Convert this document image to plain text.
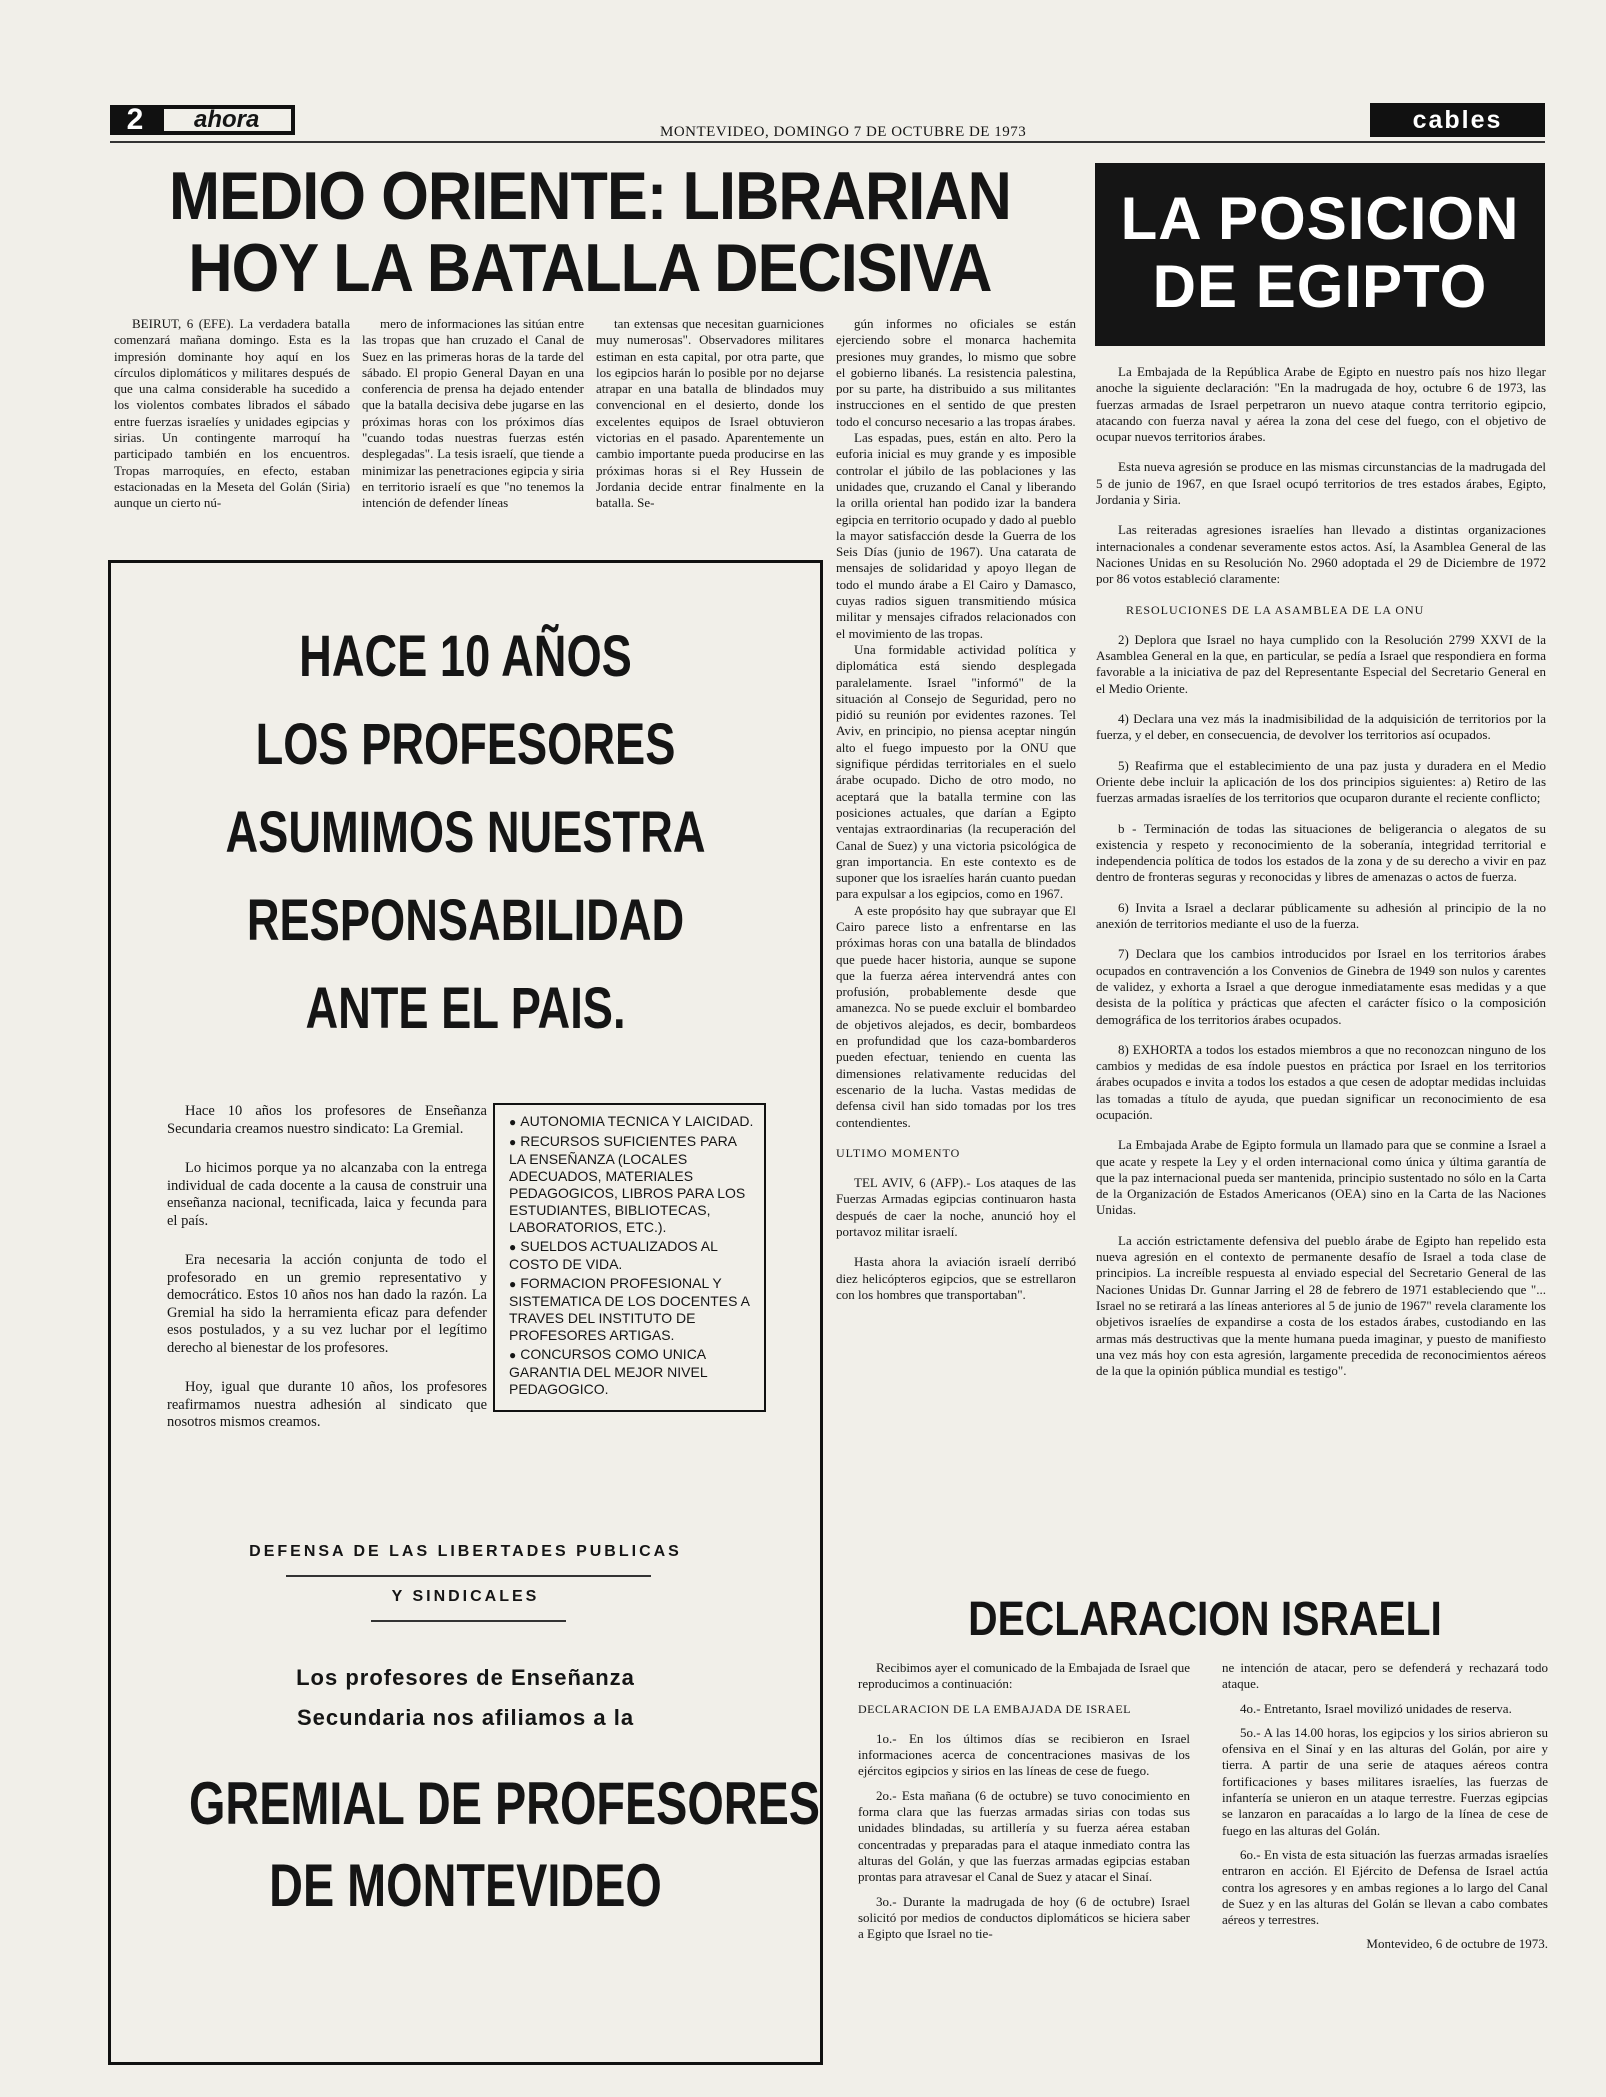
2	ahora	MONTEVIDEO, DOMINGO 7 DE OCTUBRE DE 1973	cables
MEDIO ORIENTE: LIBRARIAN
HOY LA BATALLA DECISIVA

BEIRUT, 6 (EFE). La verdadera batalla comenzará mañana domingo. Esta es la impresión dominante hoy aquí en los círculos diplomáticos y militares después de que una calma considerable ha sucedido a los violentos combates librados el sábado entre fuerzas israelíes y unidades egipcias y sirias. Un contingente marroquí ha participado también en los encuentros. Tropas marroquíes, en efecto, estaban estacionadas en la Meseta del Golán (Siria) aunque un cierto nú-

mero de informaciones las sitúan entre las tropas que han cruzado el Canal de Suez en las primeras horas de la tarde del sábado. El propio General Dayan en una conferencia de prensa ha dejado entender que la batalla decisiva debe jugarse en las próximas horas con los próximos días "cuando todas nuestras fuerzas estén desplegadas". La tesis israelí, que tiende a minimizar las penetraciones egipcia y siria en territorio israelí es que "no tenemos la intención de defender líneas

tan extensas que necesitan guarniciones muy numerosas". Observadores militares estiman en esta capital, por otra parte, que los egipcios harán lo posible por no dejarse atrapar en una batalla de blindados muy convencional en el desierto, donde los excelentes equipos de Israel obtuvieron victorias en el pasado. Aparentemente un cambio importante pueda producirse en las próximas horas si el Rey Hussein de Jordania decide entrar finalmente en la batalla. Se-

gún informes no oficiales se están ejerciendo sobre el monarca hachemita presiones muy grandes, lo mismo que sobre el gobierno libanés. La resistencia palestina, por su parte, ha distribuido a sus militantes instrucciones en el sentido de que presten todo el concurso necesario a las tropas árabes.

Las espadas, pues, están en alto. Pero la euforia inicial es muy grande y es imposible controlar el júbilo de las poblaciones y las unidades que, cruzando el Canal y liberando la orilla oriental han podido izar la bandera egipcia en territorio ocupado y dado al pueblo la mayor satisfacción desde la Guerra de los Seis Días (junio de 1967). Una catarata de mensajes de solidaridad y apoyo llegan de todo el mundo árabe a El Cairo y Damasco, cuyas radios siguen transmitiendo música militar y mensajes cifrados relacionados con el movimiento de las tropas.

Una formidable actividad política y diplomática está siendo desplegada paralelamente. Israel "informó" de la situación al Consejo de Seguridad, pero no pidió su reunión por evidentes razones. Tel Aviv, en principio, no piensa aceptar ningún alto el fuego impuesto por la ONU que signifique pérdidas territoriales en el suelo árabe ocupado. Dicho de otro modo, no aceptará que la batalla termine con las posiciones actuales, que darían a Egipto ventajas extraordinarias (la recuperación del Canal de Suez) y una victoria psicológica de gran importancia. En este contexto es de suponer que los israelíes harán cuanto puedan para expulsar a los egipcios, como en 1967.

A este propósito hay que subrayar que El Cairo parece listo a enfrentarse en las próximas horas con una batalla de blindados que puede hacer historia, aunque se supone que la fuerza aérea intervendrá antes con profusión, probablemente desde que amanezca. No se puede excluir el bombardeo de objetivos alejados, es decir, bombardeos en profundidad que los caza-bombarderos pueden efectuar, teniendo en cuenta las dimensiones relativamente reducidas del escenario de la lucha. Vastas medidas de defensa civil han sido tomadas por los tres contendientes.

ULTIMO MOMENTO

TEL AVIV, 6 (AFP).- Los ataques de las Fuerzas Armadas egipcias continuaron hasta después de caer la noche, anunció hoy el portavoz militar israelí.

Hasta ahora la aviación israelí derribó diez helicópteros egipcios, que se estrellaron con los hombres que transportaban".

HACE 10 AÑOS
LOS PROFESORES
ASUMIMOS NUESTRA
RESPONSABILIDAD
ANTE EL PAIS.

Hace 10 años los profesores de Enseñanza Secundaria creamos nuestro sindicato: La Gremial.

Lo hicimos porque ya no alcanzaba con la entrega individual de cada docente a la causa de construir una enseñanza nacional, tecnificada, laica y fecunda para el país.

Era necesaria la acción conjunta de todo el profesorado en un gremio representativo y democrático. Estos 10 años nos han dado la razón. La Gremial ha sido la herramienta eficaz para defender esos postulados, y a su vez luchar por el legítimo derecho al bienestar de los profesores.

Hoy, igual que durante 10 años, los profesores reafirmamos nuestra adhesión al sindicato que nosotros mismos creamos.

● AUTONOMIA TECNICA Y LAICIDAD.
● RECURSOS SUFICIENTES PARA LA ENSEÑANZA (LOCALES ADECUADOS, MATERIALES PEDAGOGICOS, LIBROS PARA LOS ESTUDIANTES, BIBLIOTECAS, LABORATORIOS, ETC.).
● SUELDOS ACTUALIZADOS AL COSTO DE VIDA.
● FORMACION PROFESIONAL Y SISTEMATICA DE LOS DOCENTES A TRAVES DEL INSTITUTO DE PROFESORES ARTIGAS.
● CONCURSOS COMO UNICA GARANTIA DEL MEJOR NIVEL PEDAGOGICO.
DEFENSA DE LAS LIBERTADES PUBLICAS
Y SINDICALES
Los profesores de Enseñanza
Secundaria nos afiliamos a la
GREMIAL DE PROFESORES
DE MONTEVIDEO
LA POSICION
DE EGIPTO

La Embajada de la República Arabe de Egipto en nuestro país nos hizo llegar anoche la siguiente declaración: "En la madrugada de hoy, octubre 6 de 1973, las fuerzas armadas de Israel perpetraron un nuevo ataque contra territorio egipcio, atacando con fuerza naval y aérea la zona del cese del fuego, con el objetivo de ocupar nuevos territorios árabes.

Esta nueva agresión se produce en las mismas circunstancias de la madrugada del 5 de junio de 1967, en que Israel ocupó territorios de tres estados árabes, Egipto, Jordania y Siria.

Las reiteradas agresiones israelíes han llevado a distintas organizaciones internacionales a condenar severamente estos actos. Así, la Asamblea General de las Naciones Unidas en su Resolución No. 2960 adoptada el 29 de Diciembre de 1972 por 86 votos estableció claramente:

RESOLUCIONES DE LA ASAMBLEA DE LA ONU

2) Deplora que Israel no haya cumplido con la Resolución 2799 XXVI de la Asamblea General en la que, en particular, se pedía a Israel que respondiera en forma favorable a la iniciativa de paz del Representante Especial del Secretario General en el Medio Oriente.

4) Declara una vez más la inadmisibilidad de la adquisición de territorios por la fuerza, y el deber, en consecuencia, de devolver los territorios así ocupados.

5) Reafirma que el establecimiento de una paz justa y duradera en el Medio Oriente debe incluir la aplicación de los dos principios siguientes: a) Retiro de las fuerzas armadas israelíes de los territorios que ocuparon durante el reciente conflicto;

b - Terminación de todas las situaciones de beligerancia o alegatos de su existencia y respeto y reconocimiento de la soberanía, integridad territorial e independencia política de todos los estados de la zona y de su derecho a vivir en paz dentro de fronteras seguras y reconocidas y libres de amenazas o actos de fuerza.

6) Invita a Israel a declarar públicamente su adhesión al principio de la no anexión de territorios mediante el uso de la fuerza.

7) Declara que los cambios introducidos por Israel en los territorios árabes ocupados en contravención a los Convenios de Ginebra de 1949 son nulos y carentes de validez, y exhorta a Israel a que derogue inmediatamente esas medidas y a que desista de la política y prácticas que afecten el carácter físico o la composición demográfica de los territorios árabes ocupados.

8) EXHORTA a todos los estados miembros a que no reconozcan ninguno de los cambios y medidas de esa índole puestos en práctica por Israel en los territorios árabes ocupados e invita a todos los estados a que cesen de adoptar medidas incluidas las tomadas a título de ayuda, que puedan significar un reconocimiento de esa ocupación.

La Embajada Arabe de Egipto formula un llamado para que se conmine a Israel a que acate y respete la Ley y el orden internacional como única y última garantía de que la paz internacional pueda ser mantenida, principio sustentado no sólo en la Carta de la Organización de Estados Americanos (OEA) sino en la Carta de las Naciones Unidas.

La acción estrictamente defensiva del pueblo árabe de Egipto han repelido esta nueva agresión en el contexto de permanente desafío de Israel a toda clase de principios. La increíble respuesta al enviado especial del Secretario General de las Naciones Unidas Dr. Gunnar Jarring el 28 de febrero de 1971 estableciendo que "... Israel no se retirará a las líneas anteriores al 5 de junio de 1967" revela claramente los objetivos israelíes de expandirse a costa de los estados árabes, custodiando en las armas más destructivas que la mente humana pueda imaginar, y puesto de manifiesto una vez más hoy con esta agresión, largamente precedida de reconocimientos aéreos de la que la opinión pública mundial es testigo".

DECLARACION ISRAELI

Recibimos ayer el comunicado de la Embajada de Israel que reproducimos a continuación:

DECLARACION DE LA EMBAJADA DE ISRAEL

1o.- En los últimos días se recibieron en Israel informaciones acerca de concentraciones masivas de los ejércitos egipcios y sirios en las líneas de cese de fuego.

2o.- Esta mañana (6 de octubre) se tuvo conocimiento en forma clara que las fuerzas armadas sirias con todas sus unidades blindadas, su artillería y su fuerza aérea estaban concentradas y preparadas para el ataque inmediato contra las alturas del Golán, y que las fuerzas armadas egipcias estaban prontas para atravesar el Canal de Suez y atacar el Sinaí.

3o.- Durante la madrugada de hoy (6 de octubre) Israel solicitó por medios de conductos diplomáticos se hiciera saber a Egipto que Israel no tie-

ne intención de atacar, pero se defenderá y rechazará todo ataque.

4o.- Entretanto, Israel movilizó unidades de reserva.

5o.- A las 14.00 horas, los egipcios y los sirios abrieron su ofensiva en el Sinaí y en las alturas del Golán, por aire y tierra. A partir de una serie de ataques aéreos contra fortificaciones y bases militares israelíes, las fuerzas de infantería se unieron en un ataque terrestre. Fuerzas egipcias se lanzaron en paracaídas a lo largo de la línea de cese de fuego en las alturas del Golán.

6o.- En vista de esta situación las fuerzas armadas israelíes entraron en acción. El Ejército de Defensa de Israel actúa contra los agresores y en ambas regiones a lo largo del Canal de Suez y en las alturas del Golán se llevan a cabo combates aéreos y terrestres.

Montevideo, 6 de octubre de 1973.
